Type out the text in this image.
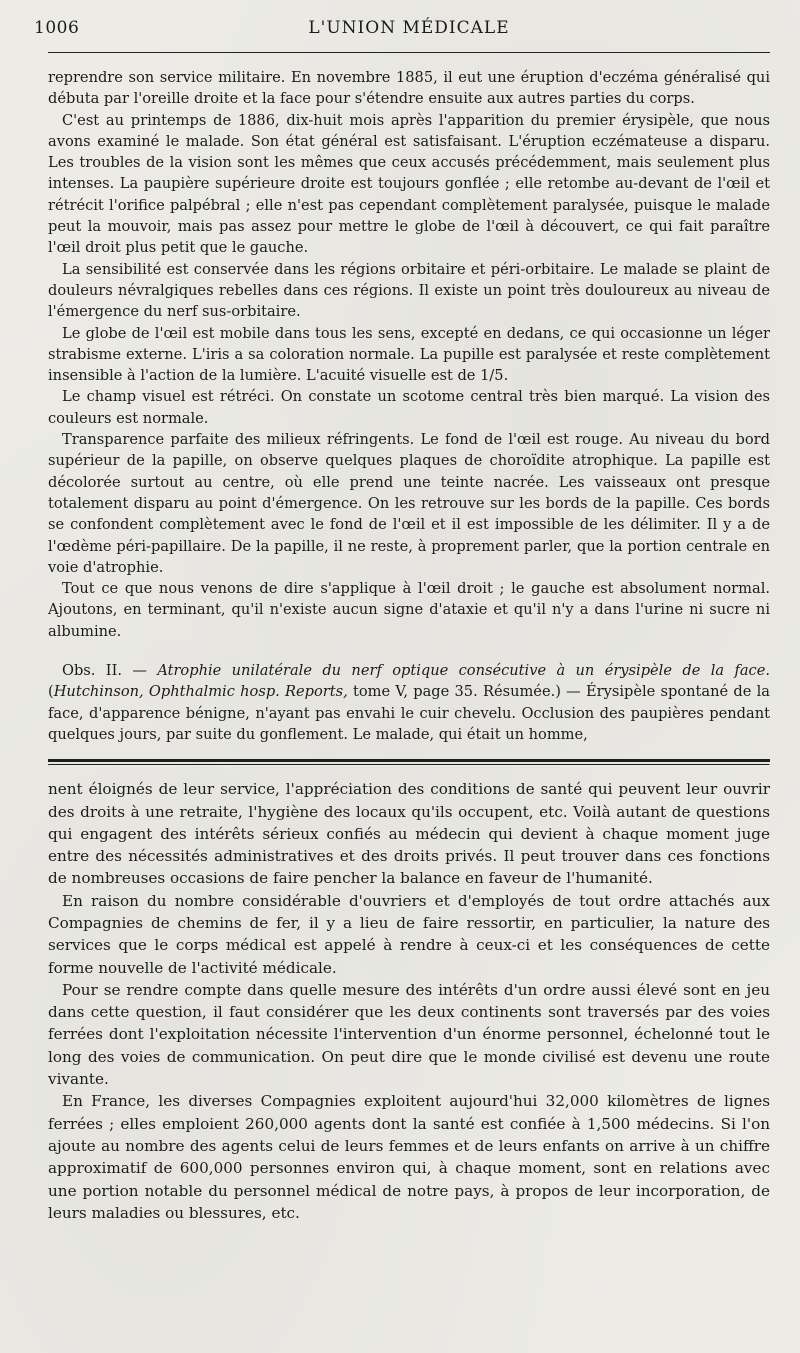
1006	L'UNION MÉDICALE

reprendre son service militaire. En novembre 1885, il eut une éruption d'eczéma généralisé qui débuta par l'oreille droite et la face pour s'étendre ensuite aux autres parties du corps.

C'est au printemps de 1886, dix-huit mois après l'apparition du premier érysipèle, que nous avons examiné le malade. Son état général est satisfaisant. L'éruption eczémateuse a disparu. Les troubles de la vision sont les mêmes que ceux accusés précédemment, mais seulement plus intenses. La paupière supérieure droite est toujours gonflée ; elle retombe au-devant de l'œil et rétrécit l'orifice palpébral ; elle n'est pas cependant complètement paralysée, puisque le malade peut la mouvoir, mais pas assez pour mettre le globe de l'œil à découvert, ce qui fait paraître l'œil droit plus petit que le gauche.

La sensibilité est conservée dans les régions orbitaire et péri-orbitaire. Le malade se plaint de douleurs névralgiques rebelles dans ces régions. Il existe un point très douloureux au niveau de l'émergence du nerf sus-orbitaire.

Le globe de l'œil est mobile dans tous les sens, excepté en dedans, ce qui occasionne un léger strabisme externe. L'iris a sa coloration normale. La pupille est paralysée et reste complètement insensible à l'action de la lumière. L'acuité visuelle est de 1/5.

Le champ visuel est rétréci. On constate un scotome central très bien marqué. La vision des couleurs est normale.

Transparence parfaite des milieux réfringents. Le fond de l'œil est rouge. Au niveau du bord supérieur de la papille, on observe quelques plaques de choroïdite atrophique. La papille est décolorée surtout au centre, où elle prend une teinte nacrée. Les vaisseaux ont presque totalement disparu au point d'émergence. On les retrouve sur les bords de la papille. Ces bords se confondent complètement avec le fond de l'œil et il est impossible de les délimiter. Il y a de l'œdème péri-papillaire. De la papille, il ne reste, à proprement parler, que la portion centrale en voie d'atrophie.

Tout ce que nous venons de dire s'applique à l'œil droit ; le gauche est absolument normal. Ajoutons, en terminant, qu'il n'existe aucun signe d'ataxie et qu'il n'y a dans l'urine ni sucre ni albumine.

Obs. II. — Atrophie unilatérale du nerf optique consécutive à un érysipèle de la face. (Hutchinson, Ophthalmic hosp. Reports, tome V, page 35. Résumée.) — Érysipèle spontané de la face, d'apparence bénigne, n'ayant pas envahi le cuir chevelu. Occlusion des paupières pendant quelques jours, par suite du gonflement. Le malade, qui était un homme,

nent éloignés de leur service, l'appréciation des conditions de santé qui peuvent leur ouvrir des droits à une retraite, l'hygiène des locaux qu'ils occupent, etc. Voilà autant de questions qui engagent des intérêts sérieux confiés au médecin qui devient à chaque moment juge entre des nécessités administratives et des droits privés. Il peut trouver dans ces fonctions de nombreuses occasions de faire pencher la balance en faveur de l'humanité.

En raison du nombre considérable d'ouvriers et d'employés de tout ordre attachés aux Compagnies de chemins de fer, il y a lieu de faire ressortir, en particulier, la nature des services que le corps médical est appelé à rendre à ceux-ci et les conséquences de cette forme nouvelle de l'activité médicale.

Pour se rendre compte dans quelle mesure des intérêts d'un ordre aussi élevé sont en jeu dans cette question, il faut considérer que les deux continents sont traversés par des voies ferrées dont l'exploitation nécessite l'intervention d'un énorme personnel, échelonné tout le long des voies de communication. On peut dire que le monde civilisé est devenu une route vivante.

En France, les diverses Compagnies exploitent aujourd'hui 32,000 kilomètres de lignes ferrées ; elles emploient 260,000 agents dont la santé est confiée à 1,500 médecins. Si l'on ajoute au nombre des agents celui de leurs femmes et de leurs enfants on arrive à un chiffre approximatif de 600,000 personnes environ qui, à chaque moment, sont en relations avec une portion notable du personnel médical de notre pays, à propos de leur incorporation, de leurs maladies ou blessures, etc.
